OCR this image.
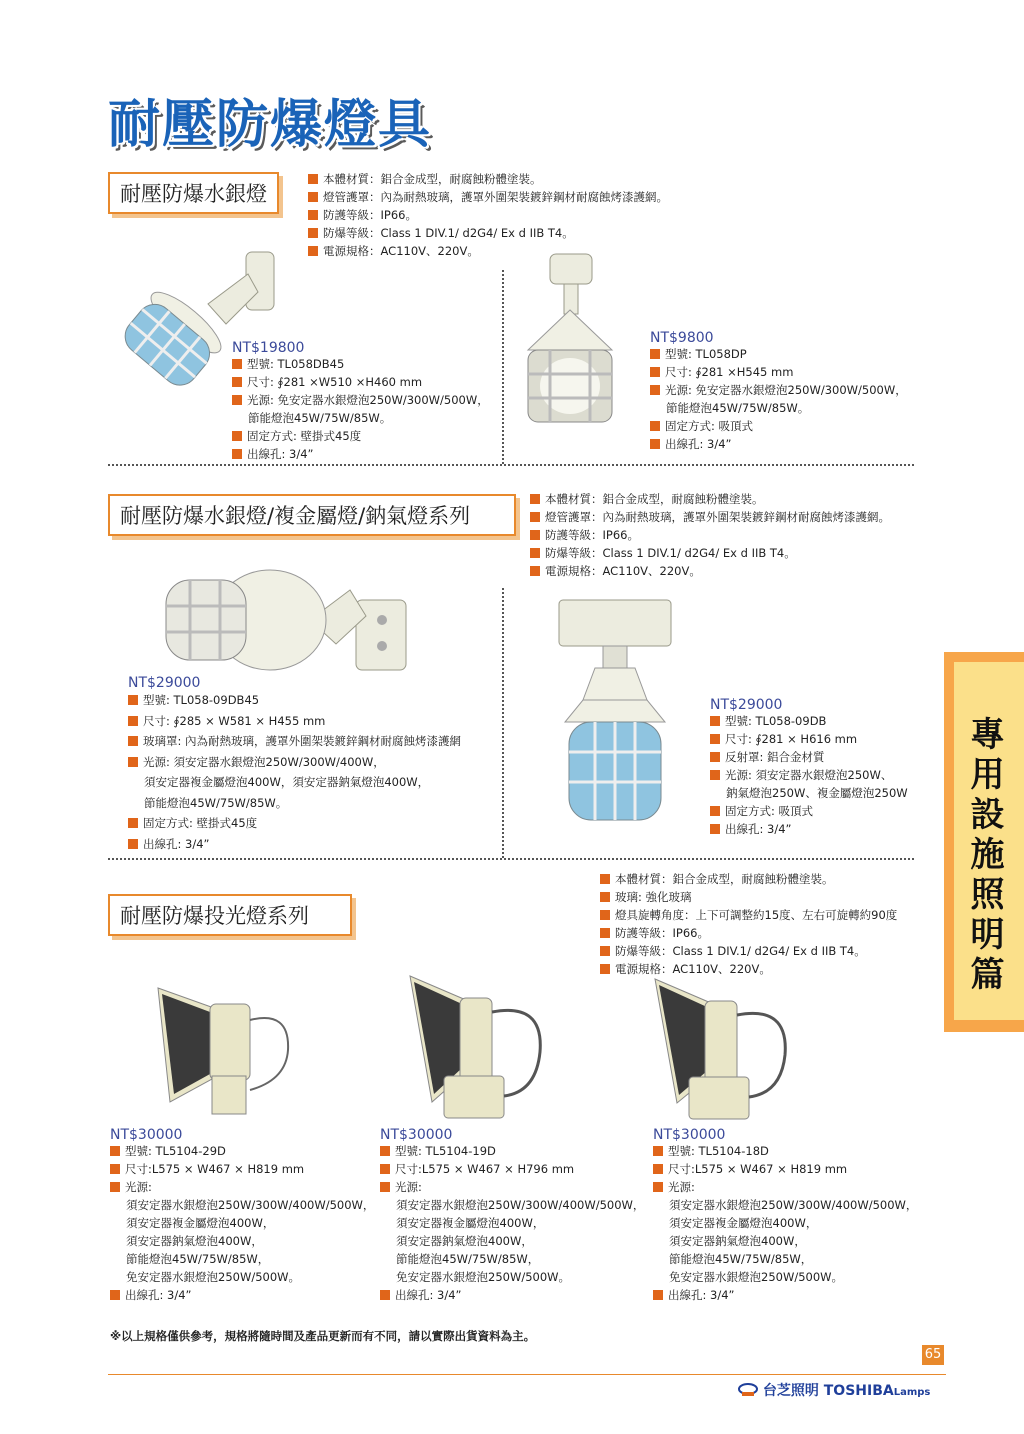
耐壓防爆燈具
耐壓防爆水銀燈
本體材質：鋁合金成型，耐腐蝕粉體塗裝。
燈管護罩：內為耐熱玻璃，護罩外圍架裝鍍鋅鋼材耐腐蝕烤漆護網。
防護等級：IP66。
防爆等級：Class 1 DIV.1/ d2G4/ Ex d IIB T4。
電源規格：AC110V、220V。
NT$19800
型號: TL058DB45
尺寸: ∮281 ×W510 ×H460 mm
光源: 免安定器水銀燈泡250W/300W/500W，
節能燈泡45W/75W/85W。
固定方式: 壁掛式45度
出線孔: 3/4”
NT$9800
型號: TL058DP
尺寸: ∮281 ×H545 mm
光源: 免安定器水銀燈泡250W/300W/500W，
節能燈泡45W/75W/85W。
固定方式: 吸頂式
出線孔: 3/4”
耐壓防爆水銀燈/複金屬燈/鈉氣燈系列
本體材質：鋁合金成型，耐腐蝕粉體塗裝。
燈管護罩：內為耐熱玻璃，護罩外圍架裝鍍鋅鋼材耐腐蝕烤漆護網。
防護等級：IP66。
防爆等級：Class 1 DIV.1/ d2G4/ Ex d IIB T4。
電源規格：AC110V、220V。
NT$29000
型號: TL058-09DB45
尺寸: ∮285 × W581 × H455 mm
玻璃罩: 內為耐熱玻璃，護罩外圍架裝鍍鋅鋼材耐腐蝕烤漆護網
光源: 須安定器水銀燈泡250W/300W/400W，
須安定器複金屬燈泡400W，須安定器鈉氣燈泡400W，
節能燈泡45W/75W/85W。
固定方式: 壁掛式45度
出線孔: 3/4”
NT$29000
型號: TL058-09DB
尺寸: ∮281 × H616 mm
反射罩: 鋁合金材質
光源: 須安定器水銀燈泡250W、
鈉氣燈泡250W、複金屬燈泡250W
固定方式: 吸頂式
出線孔: 3/4”	專用設施照明篇
耐壓防爆投光燈系列
本體材質：鋁合金成型，耐腐蝕粉體塗裝。
玻璃: 強化玻璃
燈具旋轉角度：上下可調整約15度、左右可旋轉約90度
防護等級：IP66。
防爆等級：Class 1 DIV.1/ d2G4/ Ex d IIB T4。
電源規格：AC110V、220V。
NT$30000
型號: TL5104-29D
尺寸:L575 × W467 × H819 mm
光源:
須安定器水銀燈泡250W/300W/400W/500W，
須安定器複金屬燈泡400W，
須安定器鈉氣燈泡400W，
節能燈泡45W/75W/85W，
免安定器水銀燈泡250W/500W。
出線孔: 3/4”
NT$30000
型號: TL5104-19D
尺寸:L575 × W467 × H796 mm
光源:
須安定器水銀燈泡250W/300W/400W/500W，
須安定器複金屬燈泡400W，
須安定器鈉氣燈泡400W，
節能燈泡45W/75W/85W，
免安定器水銀燈泡250W/500W。
出線孔: 3/4”
NT$30000
型號: TL5104-18D
尺寸:L575 × W467 × H819 mm
光源:
須安定器水銀燈泡250W/300W/400W/500W，
須安定器複金屬燈泡400W，
須安定器鈉氣燈泡400W，
節能燈泡45W/75W/85W，
免安定器水銀燈泡250W/500W。
出線孔: 3/4”
※以上規格僅供參考，規格將隨時間及產品更新而有不同，請以實際出貨資料為主。
65
台芝照明 TOSHIBALamps
